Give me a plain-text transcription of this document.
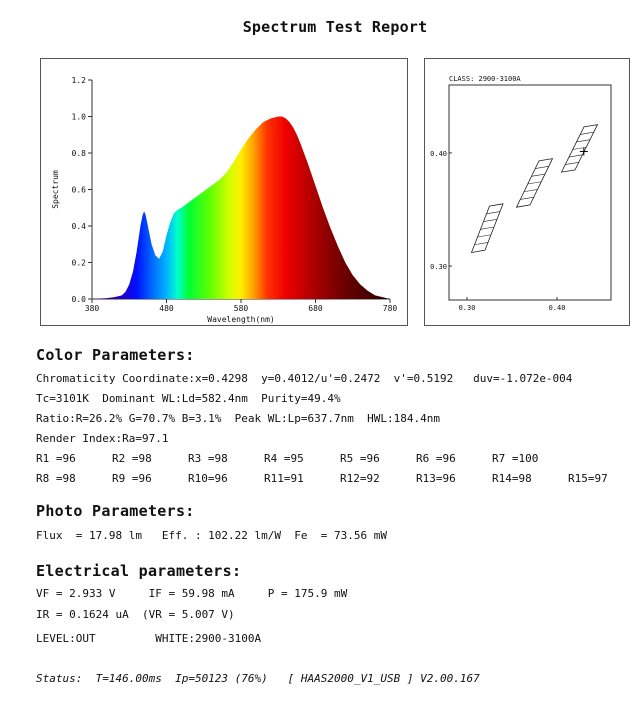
Spectrum Test Report
0.0
0.2
0.4
0.6
0.8
1.0
1.2
380	480	580	680	780
Wavelength(nm)
Spectrum
CLASS: 2900-3100A
0.30
0.40
0.30	0.40
Color Parameters:
Chromaticity Coordinate:x=0.4298  y=0.4012/u'=0.2472  v'=0.5192   duv=-1.072e-004
Tc=3101K  Dominant WL:Ld=582.4nm  Purity=49.4%
Ratio:R=26.2% G=70.7% B=3.1%  Peak WL:Lp=637.7nm  HWL:184.4nm
Render Index:Ra=97.1
R1 =96	R2 =98	R3 =98	R4 =95	R5 =96	R6 =96	R7 =100
R8 =98	R9 =96	R10=96	R11=91	R12=92	R13=96	R14=98	R15=97
Photo Parameters:
Flux  = 17.98 lm   Eff. : 102.22 lm/W  Fe  = 73.56 mW
Electrical parameters:
VF = 2.933 V     IF = 59.98 mA     P = 175.9 mW
IR = 0.1624 uA  (VR = 5.007 V)
LEVEL:OUT         WHITE:2900-3100A
Status:  T=146.00ms  Ip=50123 (76%)   [ HAAS2000_V1_USB ] V2.00.167
